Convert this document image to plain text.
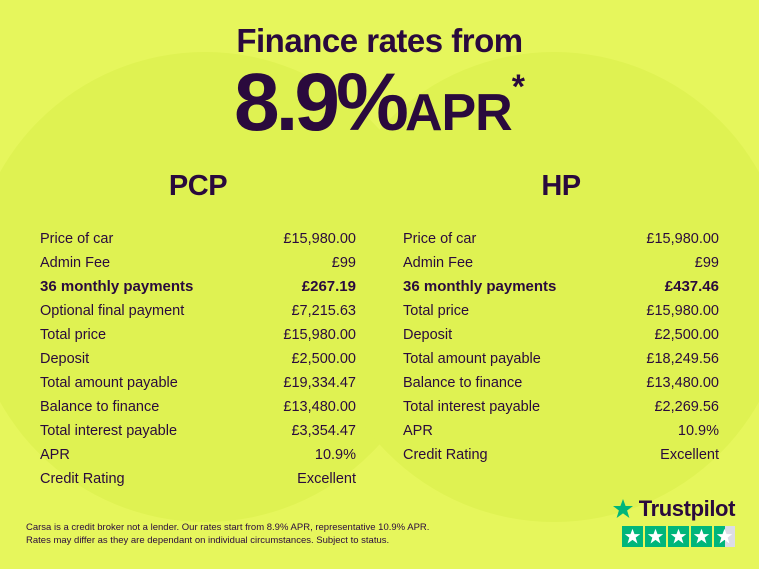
Finance rates from
8.9%APR*
PCP
Price of car	£15,980.00
Admin Fee	£99
36 monthly payments	£267.19
Optional final payment	£7,215.63
Total price	£15,980.00
Deposit	£2,500.00
Total amount payable	£19,334.47
Balance to finance	£13,480.00
Total interest payable	£3,354.47
APR	10.9%
Credit Rating	Excellent
HP
Price of car	£15,980.00
Admin Fee	£99
36 monthly payments	£437.46
Total price	£15,980.00
Deposit	£2,500.00
Total amount payable	£18,249.56
Balance to finance	£13,480.00
Total interest payable	£2,269.56
APR	10.9%
Credit Rating	Excellent
Carsa is a credit broker not a lender. Our rates start from 8.9% APR, representative 10.9% APR.
Rates may differ as they are dependant on individual circumstances. Subject to status.
Trustpilot
